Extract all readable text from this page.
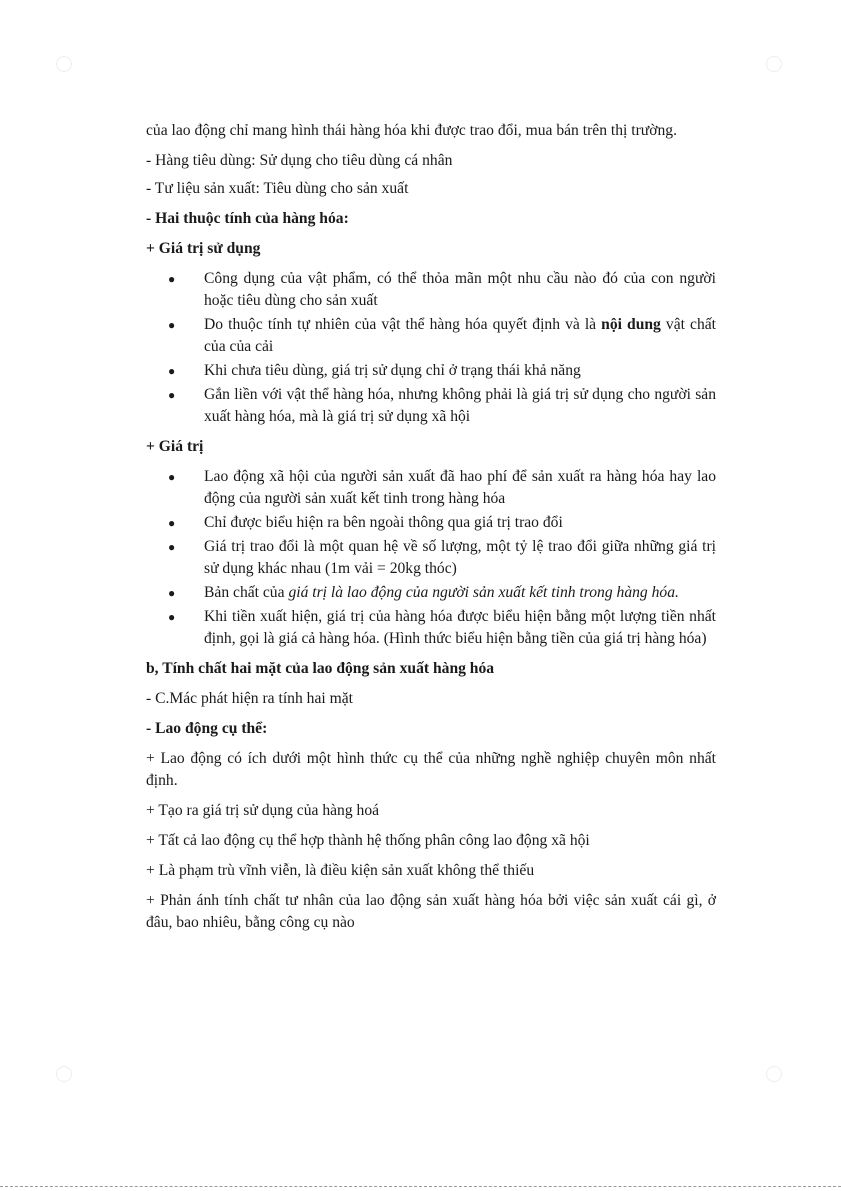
của lao động chỉ mang hình thái hàng hóa khi được trao đổi, mua bán trên thị trường.

- Hàng tiêu dùng: Sử dụng cho tiêu dùng cá nhân

- Tư liệu sản xuất: Tiêu dùng cho sản xuất

- Hai thuộc tính của hàng hóa:

+ Giá trị sử dụng

● Công dụng của vật phẩm, có thể thỏa mãn một nhu cầu nào đó của con người hoặc tiêu dùng cho sản xuất
● Do thuộc tính tự nhiên của vật thể hàng hóa quyết định và là nội dung vật chất của của cải
● Khi chưa tiêu dùng, giá trị sử dụng chỉ ở trạng thái khả năng
● Gắn liền với vật thể hàng hóa, nhưng không phải là giá trị sử dụng cho người sản xuất hàng hóa, mà là giá trị sử dụng xã hội

+ Giá trị

● Lao động xã hội của người sản xuất đã hao phí để sản xuất ra hàng hóa hay lao động của người sản xuất kết tinh trong hàng hóa
● Chỉ được biểu hiện ra bên ngoài thông qua giá trị trao đổi
● Giá trị trao đổi là một quan hệ về số lượng, một tỷ lệ trao đổi giữa những giá trị sử dụng khác nhau (1m vải = 20kg thóc)
● Bản chất của giá trị là lao động của người sản xuất kết tinh trong hàng hóa.
● Khi tiền xuất hiện, giá trị của hàng hóa được biểu hiện bằng một lượng tiền nhất định, gọi là giá cả hàng hóa. (Hình thức biểu hiện bằng tiền của giá trị hàng hóa)

b, Tính chất hai mặt của lao động sản xuất hàng hóa

- C.Mác phát hiện ra tính hai mặt

- Lao động cụ thể:

+ Lao động có ích dưới một hình thức cụ thể của những nghề nghiệp chuyên môn nhất định.

+ Tạo ra giá trị sử dụng của hàng hoá

+ Tất cả lao động cụ thể hợp thành hệ thống phân công lao động xã hội

+ Là phạm trù vĩnh viễn, là điều kiện sản xuất không thể thiếu

+ Phản ánh tính chất tư nhân của lao động sản xuất hàng hóa bởi việc sản xuất cái gì, ở đâu, bao nhiêu, bằng công cụ nào
